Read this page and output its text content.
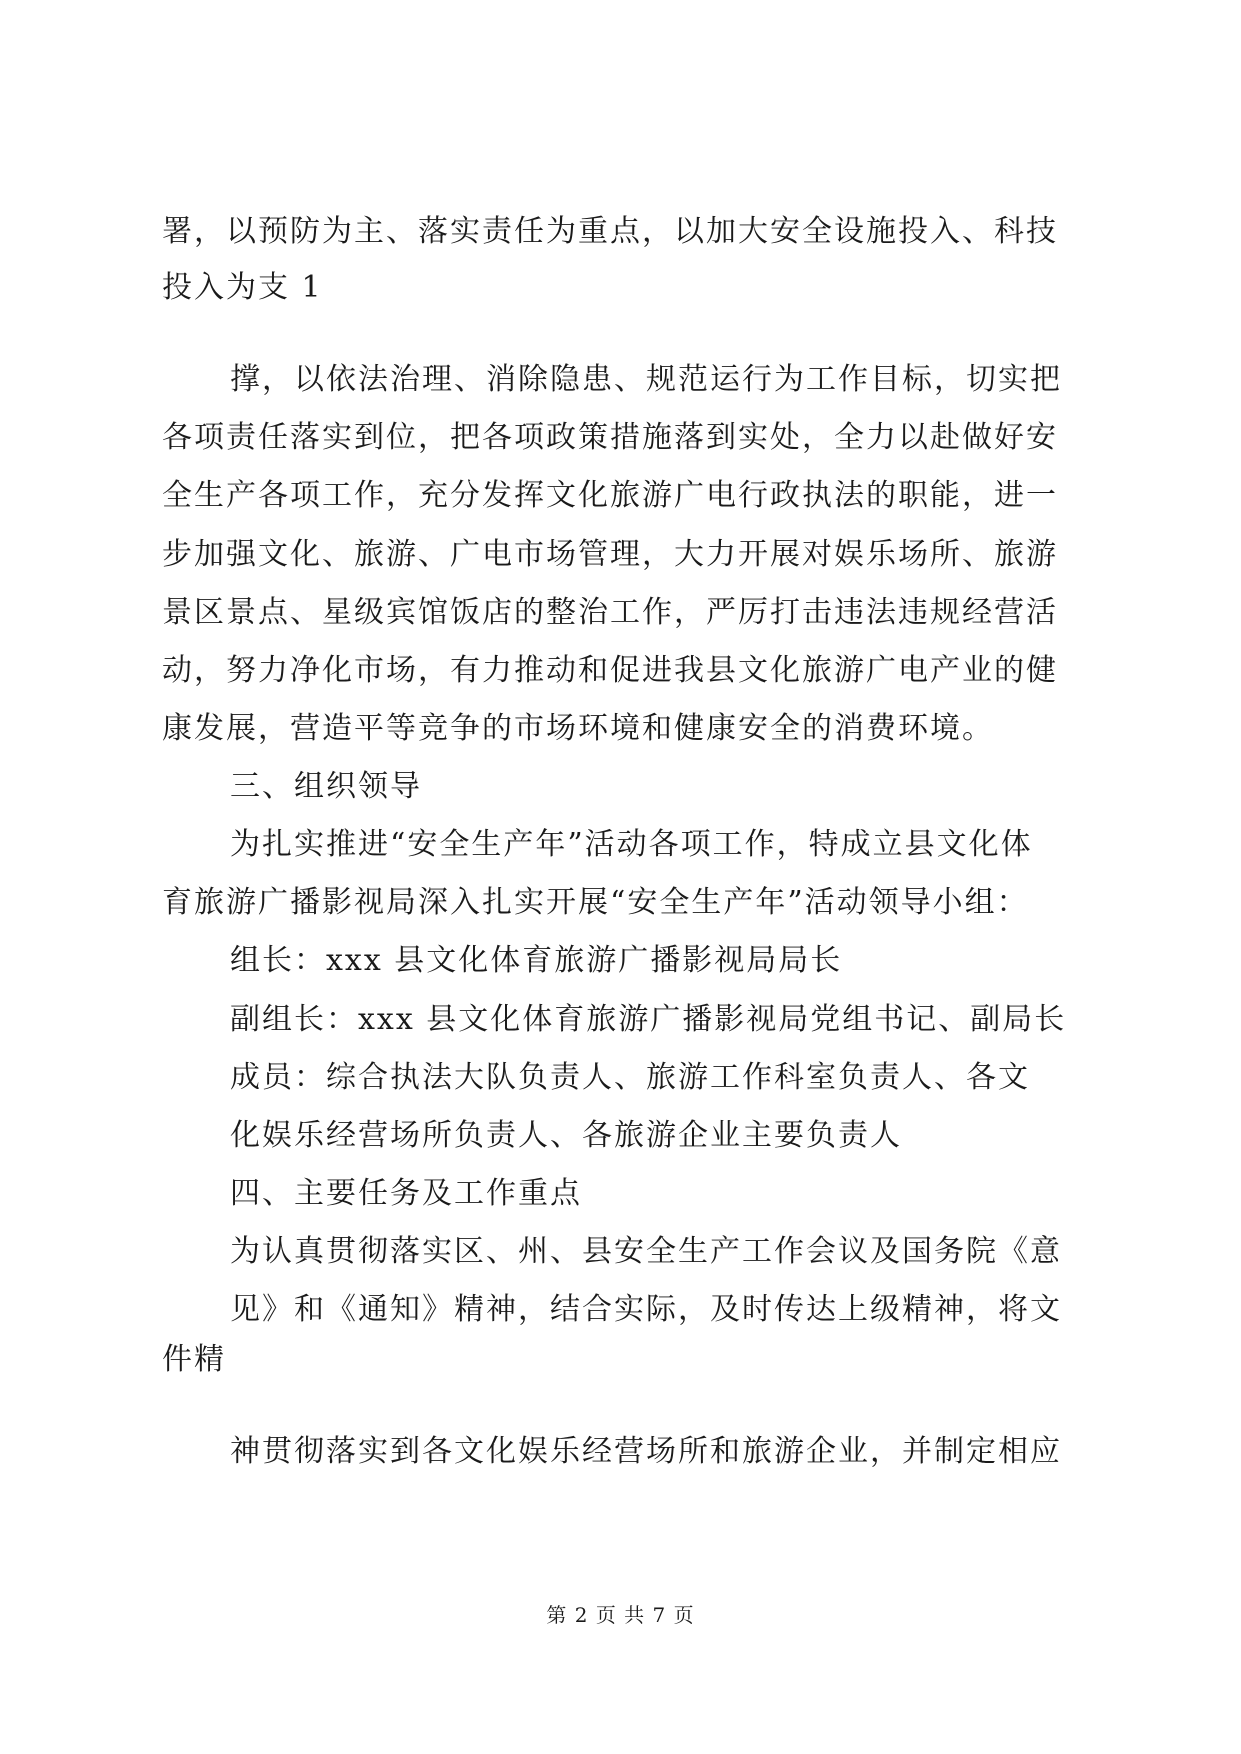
署，以预防为主、落实责任为重点，以加大安全设施投入、科技
投入为支 1
撑，以依法治理、消除隐患、规范运行为工作目标，切实把
各项责任落实到位，把各项政策措施落到实处，全力以赴做好安
全生产各项工作，充分发挥文化旅游广电行政执法的职能，进一
步加强文化、旅游、广电市场管理，大力开展对娱乐场所、旅游
景区景点、星级宾馆饭店的整治工作，严厉打击违法违规经营活
动，努力净化市场，有力推动和促进我县文化旅游广电产业的健
康发展，营造平等竞争的市场环境和健康安全的消费环境。
三、组织领导
为扎实推进“安全生产年”活动各项工作，特成立县文化体
育旅游广播影视局深入扎实开展“安全生产年”活动领导小组：
组长：xxx 县文化体育旅游广播影视局局长
副组长：xxx 县文化体育旅游广播影视局党组书记、副局长
成员：综合执法大队负责人、旅游工作科室负责人、各文
化娱乐经营场所负责人、各旅游企业主要负责人
四、主要任务及工作重点
为认真贯彻落实区、州、县安全生产工作会议及国务院《意
见》和《通知》精神，结合实际，及时传达上级精神，将文
件精
神贯彻落实到各文化娱乐经营场所和旅游企业，并制定相应
第 2 页 共 7 页
